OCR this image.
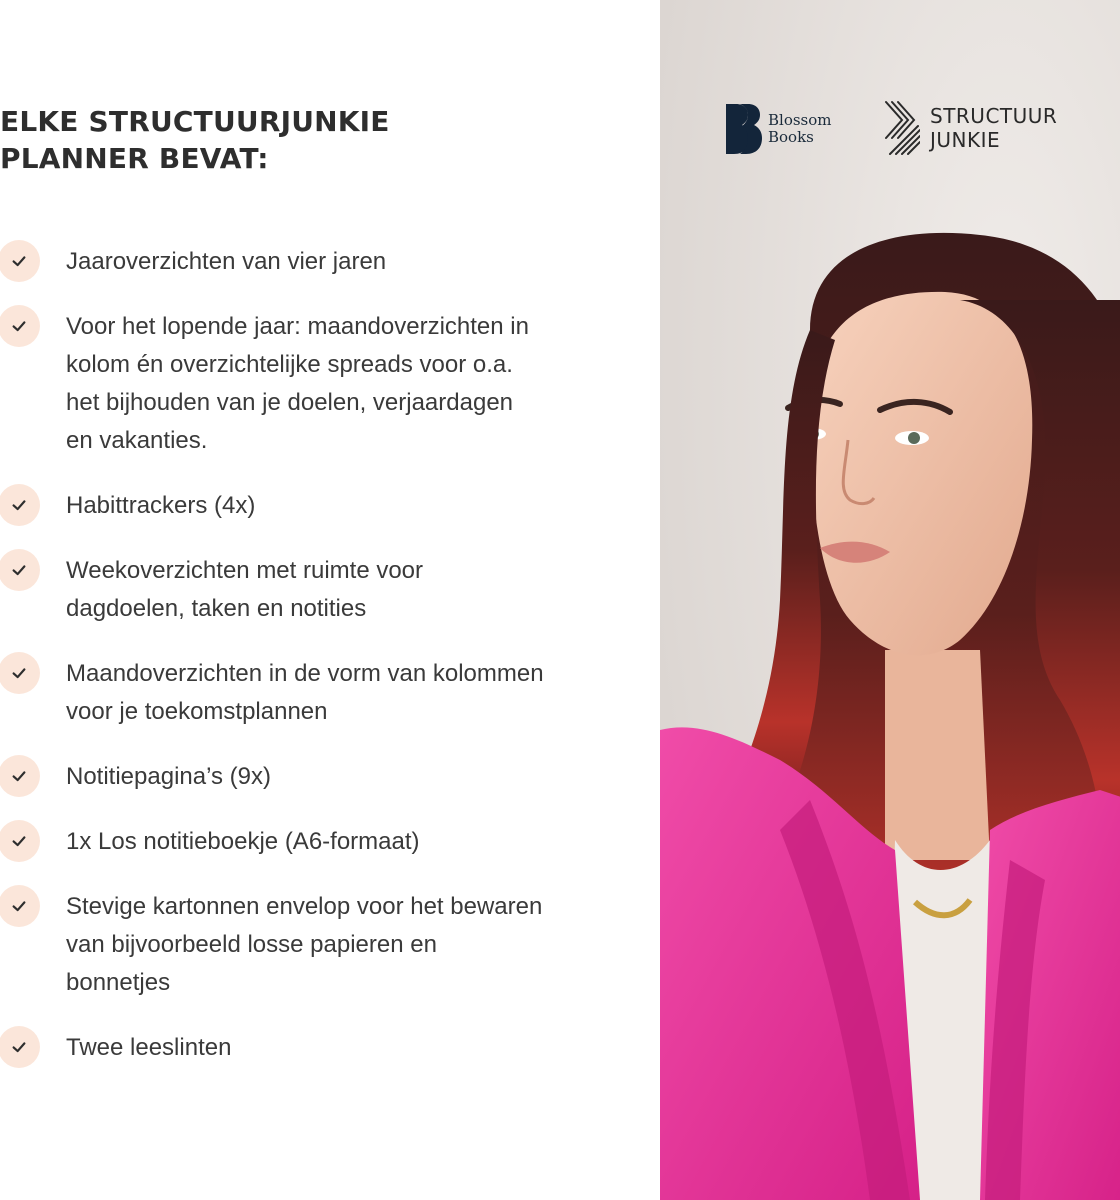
ELKE STRUCTUURJUNKIE
PLANNER BEVAT:
Jaaroverzichten van vier jaren
Voor het lopende jaar: maandoverzichten in kolom én overzichtelijke spreads voor o.a. het bijhouden van je doelen, verjaardagen en vakanties.
Habittrackers (4x)
Weekoverzichten met ruimte voor dagdoelen, taken en notities
Maandoverzichten in de vorm van kolommen voor je toekomstplannen
Notitiepagina’s (9x)
1x Los notitieboekje (A6-formaat)
Stevige kartonnen envelop voor het bewaren van bijvoorbeeld losse papieren en bonnetjes
Twee leeslinten
Blossom
Books
STRUCTUUR
JUNKIE
